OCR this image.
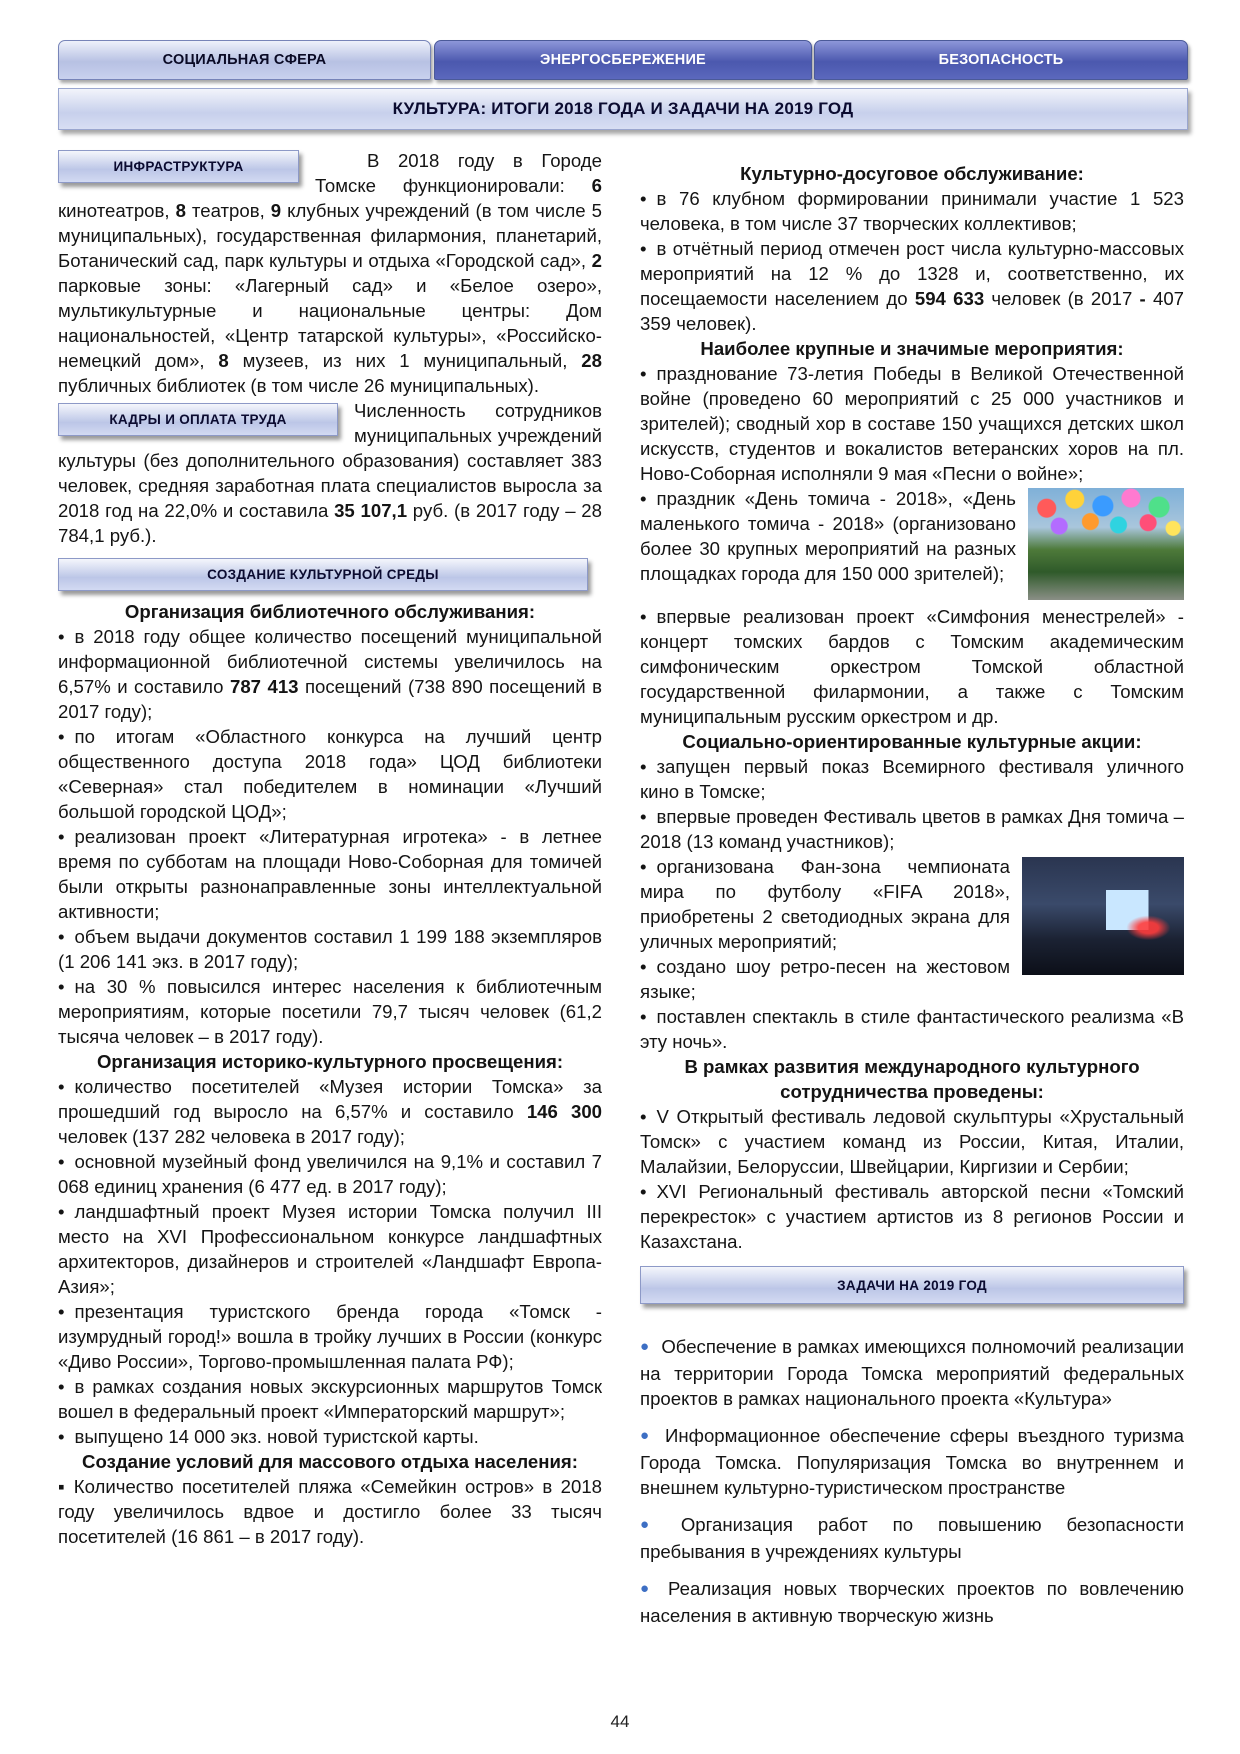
СОЦИАЛЬНАЯ СФЕРА	ЭНЕРГОСБЕРЕЖЕНИЕ	БЕЗОПАСНОСТЬ
КУЛЬТУРА: ИТОГИ 2018 ГОДА И ЗАДАЧИ НА 2019 ГОД
ИНФРАСТРУКТУРА	В 2018 году в Городе Томске функционировали: 6 кинотеатров, 8 театров, 9 клубных учреждений (в том числе 5 муниципальных), государственная филармония, планетарий, Ботанический сад, парк культуры и отдыха «Городской сад», 2 парковые зоны: «Лагерный сад» и «Белое озеро», мультикультурные и национальные центры: Дом национальностей, «Центр татарской культуры», «Российско-немецкий дом», 8 музеев, из них 1 муниципальный, 28 публичных библиотек (в том числе 26 муниципальных).

КАДРЫ И ОПЛАТА ТРУДА	Численность сотрудников муниципальных учреждений культуры (без дополнительного образования) составляет 383 человек, средняя заработная плата специалистов выросла за 2018 год на 22,0% и составила 35 107,1 руб. (в 2017 году – 28 784,1 руб.).

СОЗДАНИЕ КУЛЬТУРНОЙ СРЕДЫ

Организация библиотечного обслуживания:

• в 2018 году общее количество посещений муниципальной информационной библиотечной системы увеличилось на 6,57% и составило 787 413 посещений (738 890 посещений в 2017 году);

• по итогам «Областного конкурса на лучший центр общественного доступа 2018 года» ЦОД библиотеки «Северная» стал победителем в номинации «Лучший большой городской ЦОД»;

• реализован проект «Литературная игротека» - в летнее время по субботам на площади Ново-Соборная для томичей были открыты разнонаправленные зоны интеллектуальной активности;

• объем выдачи документов составил 1 199 188 экземпляров (1 206 141 экз. в 2017 году);

• на 30 % повысился интерес населения к библиотечным мероприятиям, которые посетили 79,7 тысяч человек (61,2 тысяча человек – в 2017 году).

Организация историко-культурного просвещения:

• количество посетителей «Музея истории Томска» за прошедший год выросло на 6,57% и составило 146 300 человек (137 282 человека в 2017 году);

• основной музейный фонд увеличился на 9,1% и составил 7 068 единиц хранения (6 477 ед. в 2017 году);

• ландшафтный проект Музея истории Томска получил III место на XVI Профессиональном конкурсе ландшафтных архитекторов, дизайнеров и строителей «Ландшафт Европа-Азия»;

• презентация туристского бренда города «Томск - изумрудный город!» вошла в тройку лучших в России (конкурс «Диво России», Торгово-промышленная палата РФ);

• в рамках создания новых экскурсионных маршрутов Томск вошел в федеральный проект «Императорский маршрут»;

• выпущено 14 000 экз. новой туристской карты.

Создание условий для массового отдыха населения:

▪ Количество посетителей пляжа «Семейкин остров» в 2018 году увеличилось вдвое и достигло более 33 тысяч посетителей (16 861 – в 2017 году).

Культурно-досуговое обслуживание:

• в 76 клубном формировании принимали участие 1 523 человека, в том числе 37 творческих коллективов;

• в отчётный период отмечен рост числа культурно-массовых мероприятий на 12 % до 1328 и, соответственно, их посещаемости населением до 594 633 человек (в 2017 - 407 359 человек).

Наиболее крупные и значимые мероприятия:

• празднование 73-летия Победы в Великой Отечественной войне (проведено 60 мероприятий с 25 000 участников и зрителей); сводный хор в составе 150 учащихся детских школ искусств, студентов и вокалистов ветеранских хоров на пл. Ново-Соборная исполняли 9 мая «Песни о войне»;

• праздник «День томича - 2018», «День маленького томича - 2018» (организовано более 30 крупных мероприятий на разных площадках города для 150 000 зрителей);

• впервые реализован проект «Симфония менестрелей» - концерт томских бардов с Томским академическим симфоническим оркестром Томской областной государственной филармонии, а также с Томским муниципальным русским оркестром и др.

Социально-ориентированные культурные акции:

• запущен первый показ Всемирного фестиваля уличного кино в Томске;

• впервые проведен Фестиваль цветов в рамках Дня томича – 2018 (13 команд участников);

• организована Фан-зона чемпионата мира по футболу «FIFA 2018», приобретены 2 светодиодных экрана для уличных мероприятий;

• создано шоу ретро-песен на жестовом языке;

• поставлен спектакль в стиле фантастического реализма «В эту ночь».

В рамках развития международного культурного сотрудничества проведены:

• V Открытый фестиваль ледовой скульптуры «Хрустальный Томск» с участием команд из России, Китая, Италии, Малайзии, Белоруссии, Швейцарии, Киргизии и Сербии;

• XVI Региональный фестиваль авторской песни «Томский перекресток» с участием артистов из 8 регионов России и Казахстана.

ЗАДАЧИ НА 2019 ГОД

● Обеспечение в рамках имеющихся полномочий реализации на территории Города Томска мероприятий федеральных проектов в рамках национального проекта «Культура»

● Информационное обеспечение сферы въездного туризма Города Томска. Популяризация Томска во внутреннем и внешнем культурно-туристическом пространстве

● Организация работ по повышению безопасности пребывания в учреждениях культуры

● Реализация новых творческих проектов по вовлечению населения в активную творческую жизнь

44
